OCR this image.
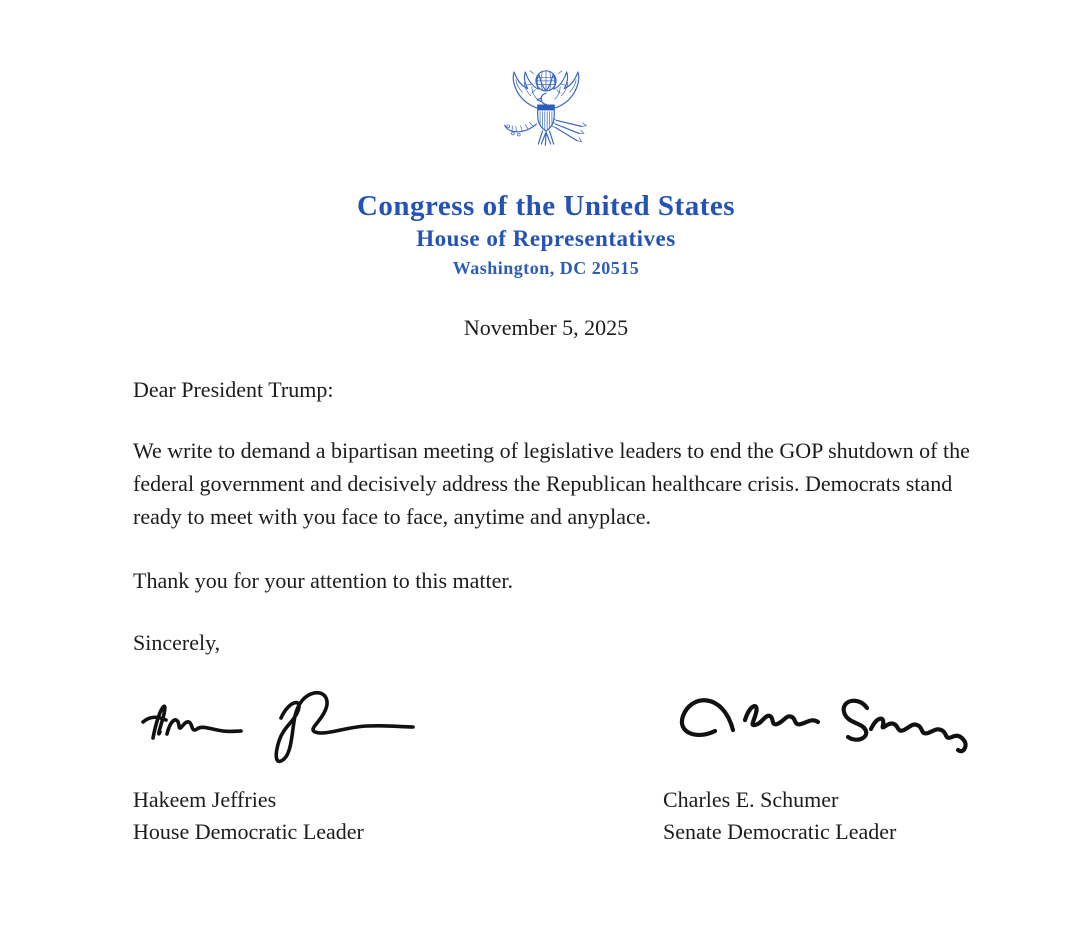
Congress of the United States
House of Representatives
Washington, DC 20515
November 5, 2025
Dear President Trump:

We write to demand a bipartisan meeting of legislative leaders to end the GOP shutdown of the federal government and decisively address the Republican healthcare crisis. Democrats stand ready to meet with you face to face, anytime and anyplace.

Thank you for your attention to this matter.

Sincerely,
Hakeem Jeffries
House Democratic Leader
Charles E. Schumer
Senate Democratic Leader
